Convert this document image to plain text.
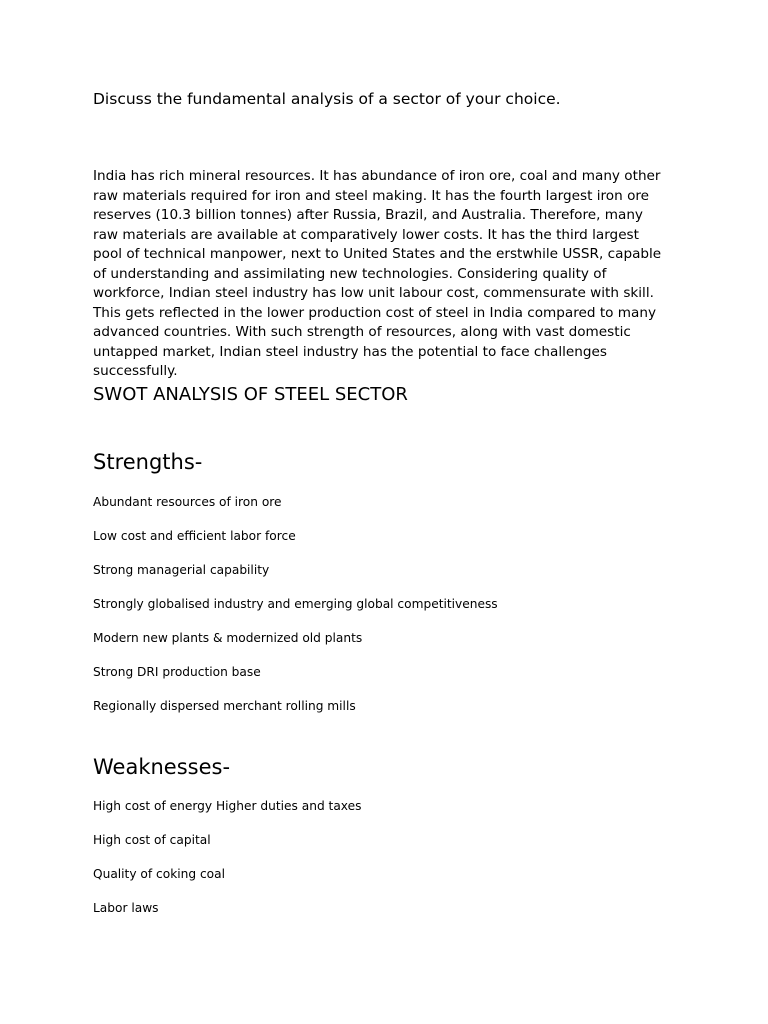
Discuss the fundamental analysis of a sector of your choice.

India has rich mineral resources. It has abundance of iron ore, coal and many other raw materials required for iron and steel making. It has the fourth largest iron ore reserves (10.3 billion tonnes) after Russia, Brazil, and Australia. Therefore, many raw materials are available at comparatively lower costs. It has the third largest pool of technical manpower, next to United States and the erstwhile USSR, capable of understanding and assimilating new technologies. Considering quality of workforce, Indian steel industry has low unit labour cost, commensurate with skill. This gets reflected in the lower production cost of steel in India compared to many advanced countries. With such strength of resources, along with vast domestic untapped market, Indian steel industry has the potential to face challenges successfully.

SWOT ANALYSIS OF STEEL SECTOR
Strengths-
Abundant resources of iron ore
Low cost and efficient labor force
Strong managerial capability
Strongly globalised industry and emerging global competitiveness
Modern new plants & modernized old plants
Strong DRI production base
Regionally dispersed merchant rolling mills
Weaknesses-
High cost of energy Higher duties and taxes
High cost of capital
Quality of coking coal
Labor laws
